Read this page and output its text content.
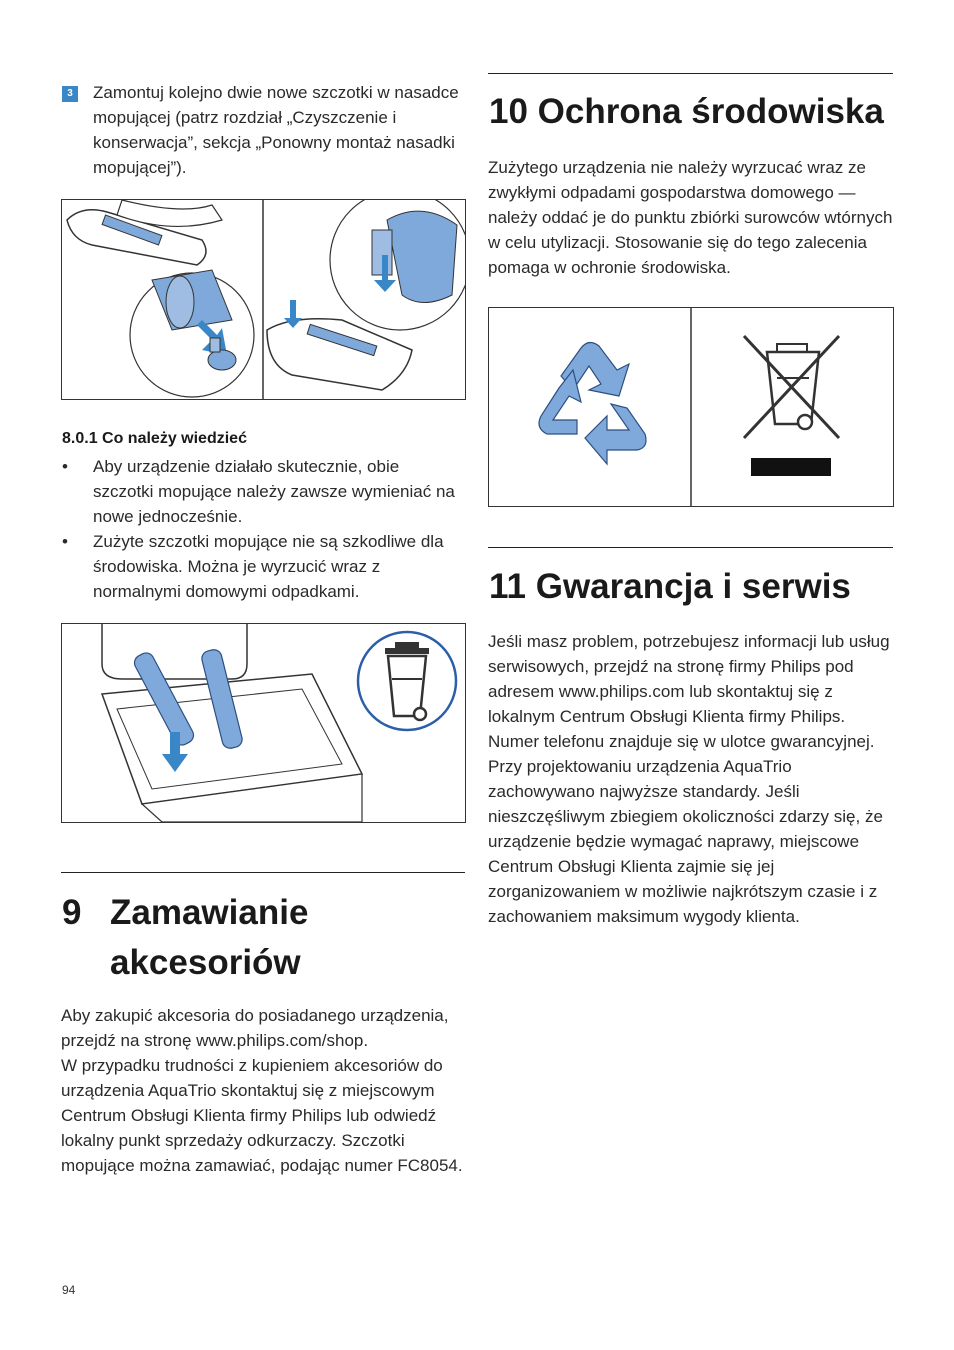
3	Zamontuj kolejno dwie nowe szczotki w nasadce mopującej (patrz rozdział „Czyszczenie i konserwacja”, sekcja „Ponowny montaż nasadki mopującej”).
8.0.1 Co należy wiedzieć
• Aby urządzenie działało skutecznie, obie szczotki mopujące należy zawsze wymieniać na nowe jednocześnie.
• Zużyte szczotki mopujące nie są szkodliwe dla środowiska. Można je wyrzucić wraz z normalnymi domowymi odpadkami.
9 Zamawianie
akcesoriów

Aby zakupić akcesoria do posiadanego urządzenia, przejdź na stronę www.philips.com/shop.
W przypadku trudności z kupieniem akcesoriów do urządzenia AquaTrio skontaktuj się z miejscowym Centrum Obsługi Klienta firmy Philips lub odwiedź lokalny punkt sprzedaży odkurzaczy. Szczotki mopujące można zamawiać, podając numer FC8054.

10 Ochrona środowiska

Zużytego urządzenia nie należy wyrzucać wraz ze zwykłymi odpadami gospodarstwa domowego — należy oddać je do punktu zbiórki surowców wtórnych w celu utylizacji. Stosowanie się do tego zalecenia pomaga w ochronie środowiska.

11 Gwarancja i serwis

Jeśli masz problem, potrzebujesz informacji lub usług serwisowych, przejdź na stronę firmy Philips pod adresem www.philips.com lub skontaktuj się z lokalnym Centrum Obsługi Klienta firmy Philips. Numer telefonu znajduje się w ulotce gwarancyjnej.
Przy projektowaniu urządzenia AquaTrio zachowywano najwyższe standardy. Jeśli nieszczęśliwym zbiegiem okoliczności zdarzy się, że urządzenie będzie wymagać naprawy, miejscowe Centrum Obsługi Klienta zajmie się jej zorganizowaniem w możliwie najkrótszym czasie i z zachowaniem maksimum wygody klienta.

94
